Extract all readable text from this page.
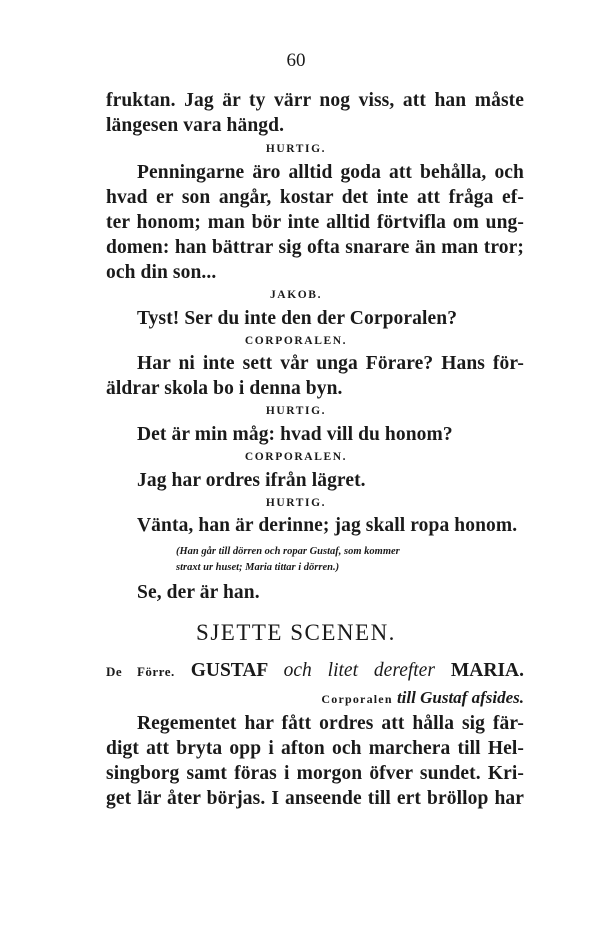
60
fruktan. Jag är ty värr nog viss, att han måste
längesen vara hängd.
HURTIG.
Penningarne äro alltid goda att behålla, och
hvad er son angår, kostar det inte att fråga ef-
ter honom; man bör inte alltid förtvifla om ung-
domen: han bättrar sig ofta snarare än man tror;
och din son...
JAKOB.
Tyst! Ser du inte den der Corporalen?
CORPORALEN.
Har ni inte sett vår unga Förare? Hans för-
äldrar skola bo i denna byn.
HURTIG.
Det är min måg: hvad vill du honom?
CORPORALEN.
Jag har ordres ifrån lägret.
HURTIG.
Vänta, han är derinne; jag skall ropa honom.
(Han går till dörren och ropar Gustaf, som kommer
straxt ur huset; Maria tittar i dörren.)
Se, der är han.
SJETTE SCENEN.
De Förre. GUSTAF och litet derefter MARIA.
Corporalen till Gustaf afsides.
Regementet har fått ordres att hålla sig fär-
digt att bryta opp i afton och marchera till Hel-
singborg samt föras i morgon öfver sundet. Kri-
get lär åter börjas. I anseende till ert bröllop har
